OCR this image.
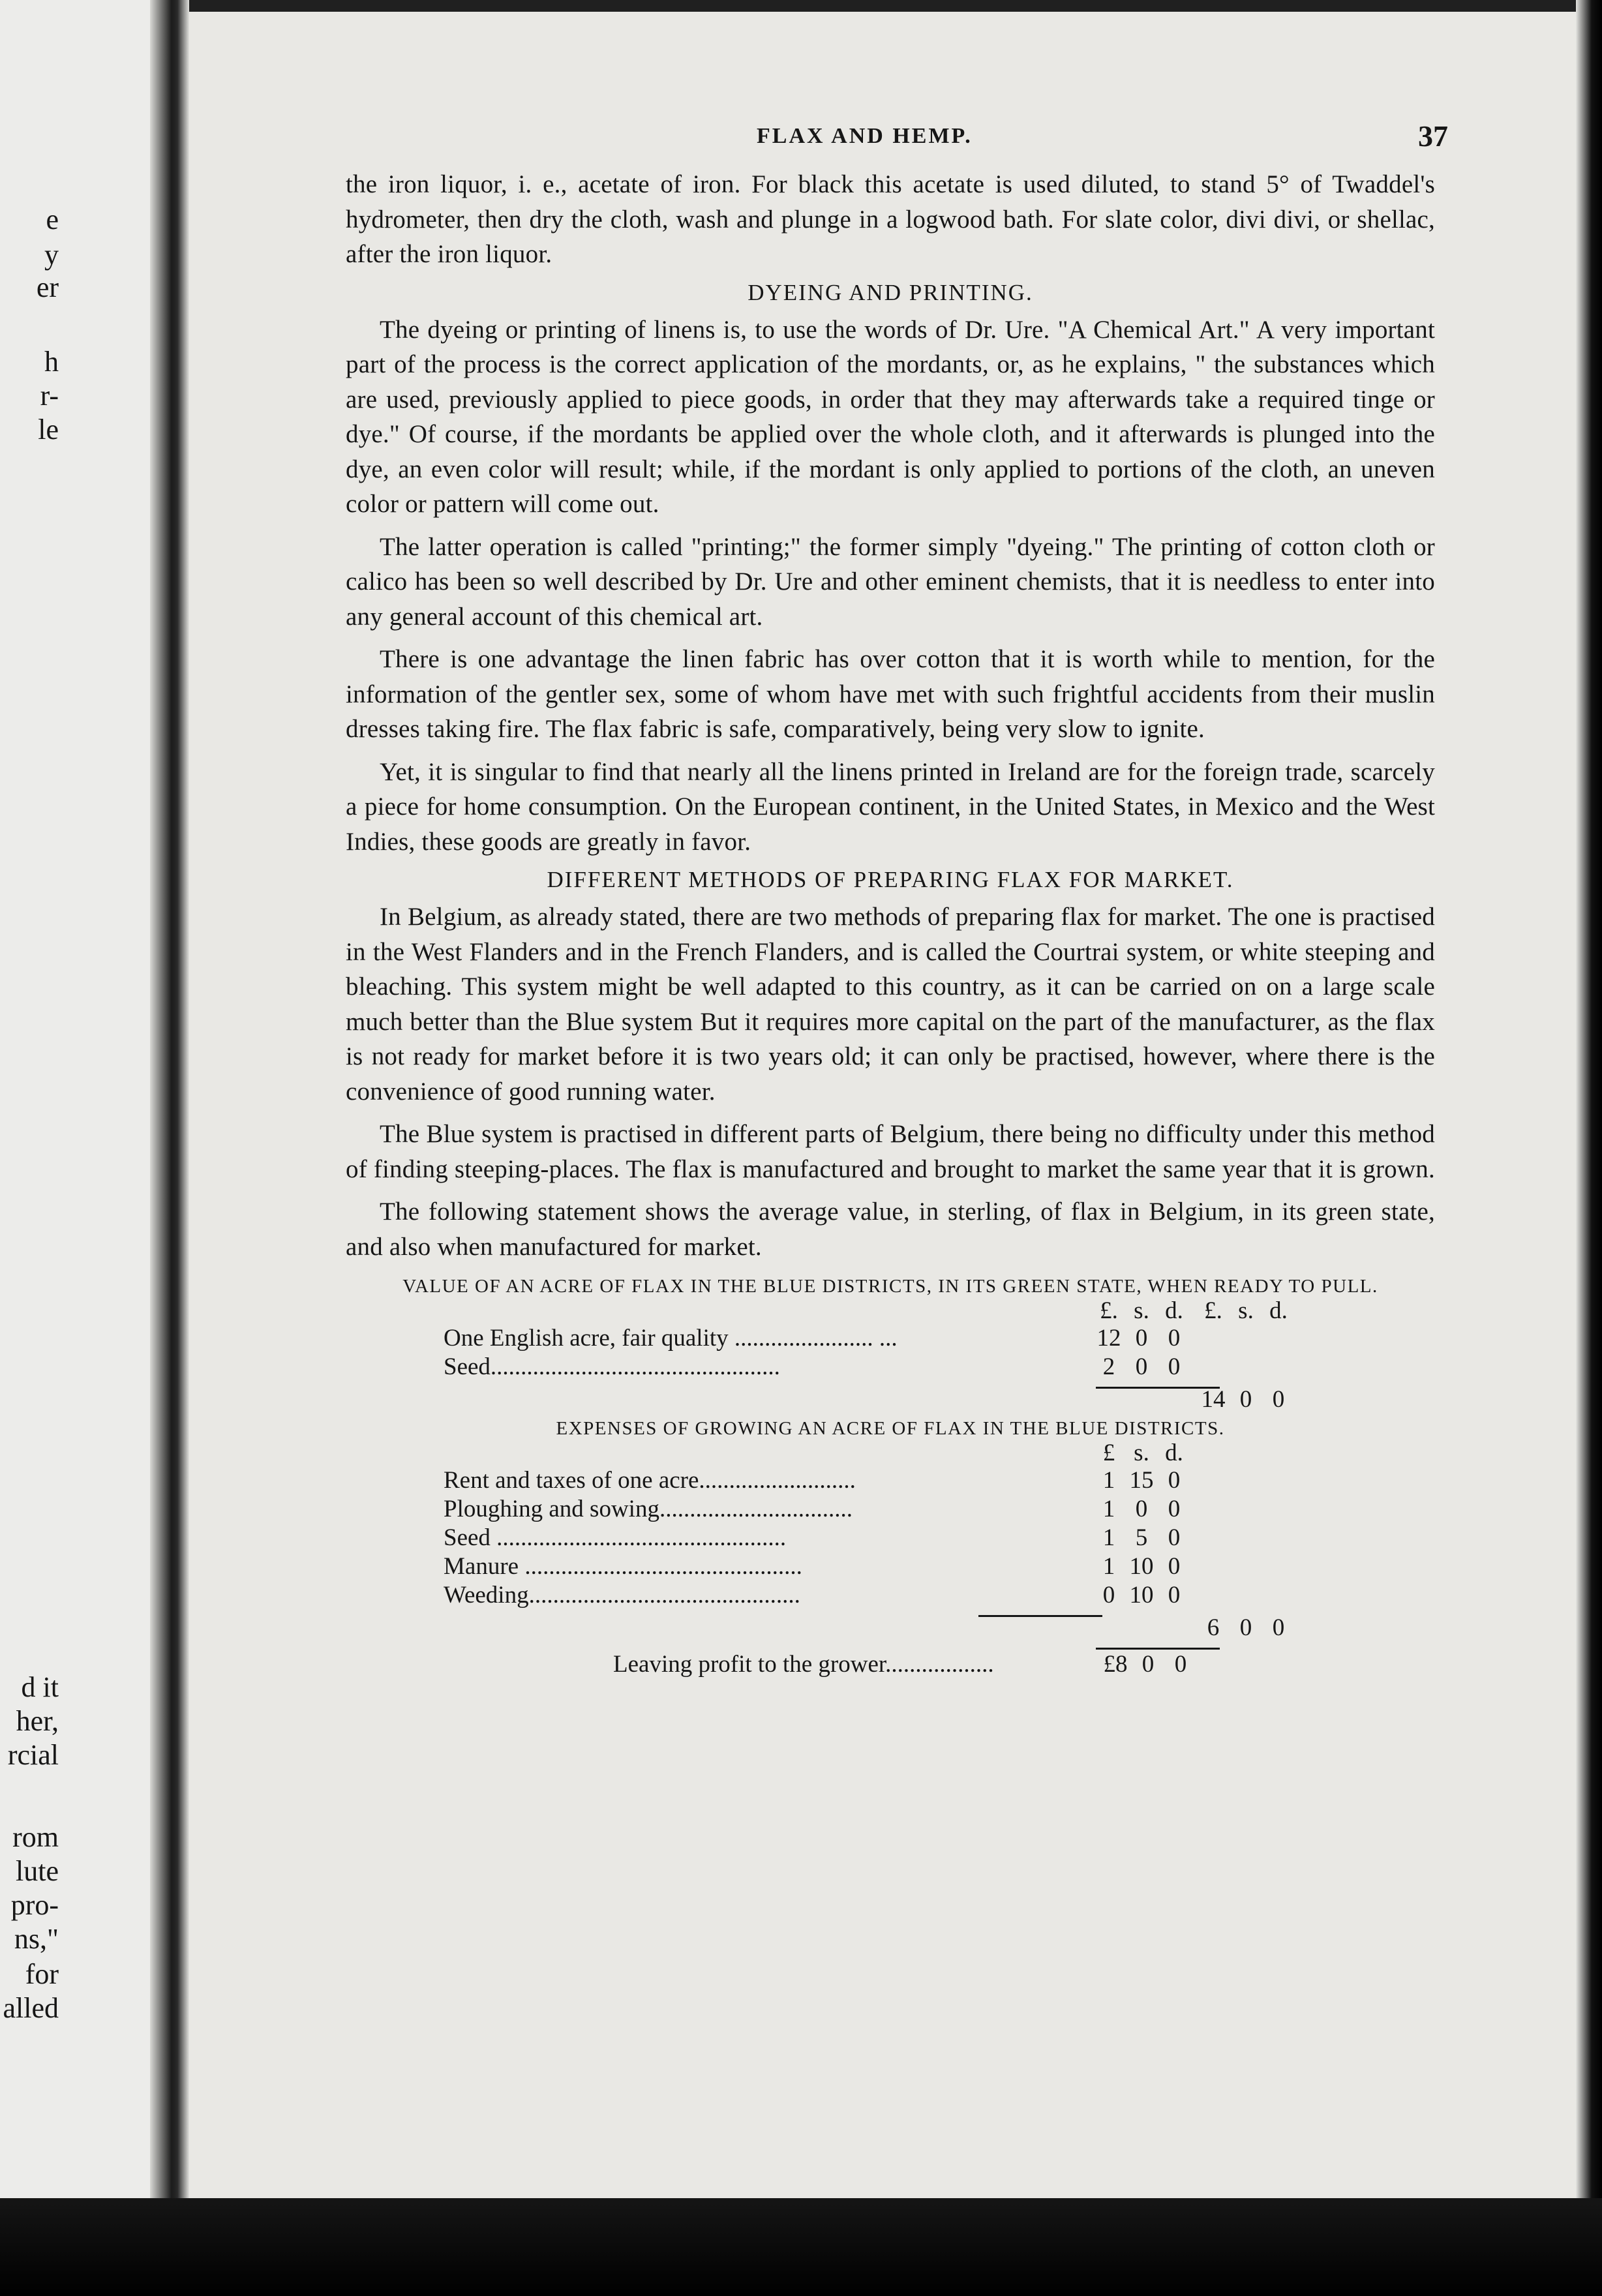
e
y
er
h
r-
le
d it
her,
rcial
rom
lute
pro-
ns,"
for
alled
FLAX AND HEMP.	37

the iron liquor, i. e., acetate of iron. For black this acetate is used diluted, to stand 5° of Twaddel's hydrometer, then dry the cloth, wash and plunge in a logwood bath. For slate color, divi divi, or shellac, after the iron liquor.

DYEING AND PRINTING.

The dyeing or printing of linens is, to use the words of Dr. Ure. "A Chemical Art." A very important part of the process is the correct application of the mordants, or, as he explains, " the substances which are used, previously applied to piece goods, in order that they may afterwards take a required tinge or dye." Of course, if the mordants be applied over the whole cloth, and it afterwards is plunged into the dye, an even color will result; while, if the mordant is only applied to portions of the cloth, an uneven color or pattern will come out.

The latter operation is called "printing;" the former simply "dyeing." The printing of cotton cloth or calico has been so well described by Dr. Ure and other eminent chemists, that it is needless to enter into any general account of this chemical art.

There is one advantage the linen fabric has over cotton that it is worth while to mention, for the information of the gentler sex, some of whom have met with such frightful accidents from their muslin dresses taking fire. The flax fabric is safe, comparatively, being very slow to ignite.

Yet, it is singular to find that nearly all the linens printed in Ireland are for the foreign trade, scarcely a piece for home consumption. On the European continent, in the United States, in Mexico and the West Indies, these goods are greatly in favor.

DIFFERENT METHODS OF PREPARING FLAX FOR MARKET.

In Belgium, as already stated, there are two methods of preparing flax for market. The one is practised in the West Flanders and in the French Flanders, and is called the Courtrai system, or white steeping and bleaching. This system might be well adapted to this country, as it can be carried on on a large scale much better than the Blue system But it requires more capital on the part of the manufacturer, as the flax is not ready for market before it is two years old; it can only be practised, however, where there is the convenience of good running water.

The Blue system is practised in different parts of Belgium, there being no difficulty under this method of finding steeping-places. The flax is manufactured and brought to market the same year that it is grown.

The following statement shows the average value, in sterling, of flax in Belgium, in its green state, and also when manufactured for market.

VALUE OF AN ACRE OF FLAX IN THE BLUE DISTRICTS, IN ITS GREEN STATE, WHEN READY TO PULL.
£. s. d. £. s. d.
One English acre, fair quality ....................... ...	12 0 0
Seed................................................	2 0 0
14 0 0
EXPENSES OF GROWING AN ACRE OF FLAX IN THE BLUE DISTRICTS.
£ s. d.
Rent and taxes of one acre..........................	1 15 0
Ploughing and sowing................................	1 0 0
Seed ................................................	1 5 0
Manure ..............................................	1 10 0
Weeding.............................................	0 10 0
6 0 0
Leaving profit to the grower..................	£8 0 0
